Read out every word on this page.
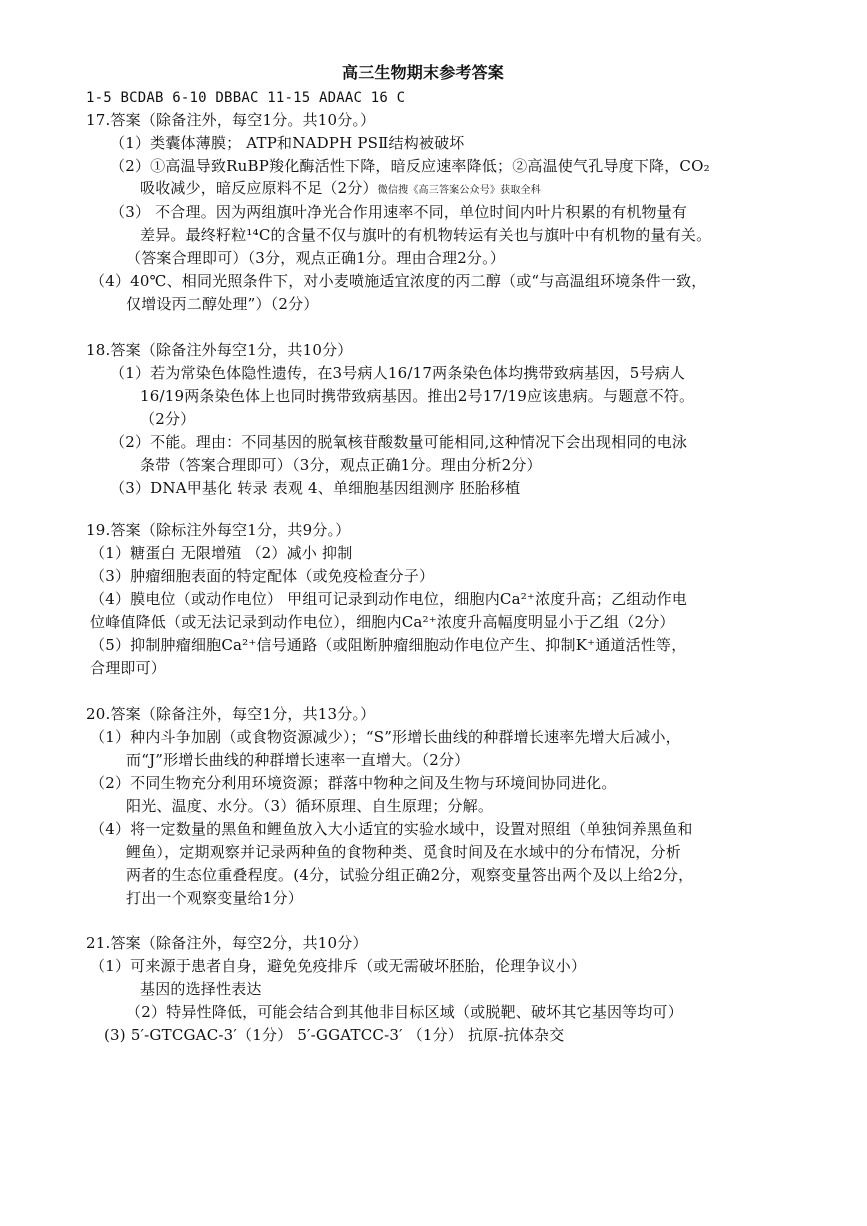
高三生物期末参考答案
1-5 BCDAB 6-10 DBBAC 11-15 ADAAC 16 C
17.答案（除备注外，每空1分。共10分。）
（1）类囊体薄膜； ATP和NADPH PSⅡ结构被破坏
（2）①高温导致RuBP羧化酶活性下降，暗反应速率降低；②高温使气孔导度下降，CO₂
吸收减少，暗反应原料不足（2分）微信搜《高三答案公众号》获取全科
（3） 不合理。因为两组旗叶净光合作用速率不同，单位时间内叶片积累的有机物量有
差异。最终籽粒¹⁴C的含量不仅与旗叶的有机物转运有关也与旗叶中有机物的量有关。
（答案合理即可）（3分，观点正确1分。理由合理2分。）
（4）40℃、相同光照条件下，对小麦喷施适宜浓度的丙二醇（或“与高温组环境条件一致，
仅增设丙二醇处理”）（2分）
18.答案（除备注外每空1分，共10分）
（1）若为常染色体隐性遗传，在3号病人16/17两条染色体均携带致病基因，5号病人
16/19两条染色体上也同时携带致病基因。推出2号17/19应该患病。与题意不符。
（2分）
（2）不能。理由：不同基因的脱氧核苷酸数量可能相同,这种情况下会出现相同的电泳
条带（答案合理即可）（3分，观点正确1分。理由分析2分）
（3）DNA甲基化 转录 表观 4、单细胞基因组测序 胚胎移植
19.答案（除标注外每空1分，共9分。）
（1）糖蛋白 无限增殖 （2）减小 抑制
（3）肿瘤细胞表面的特定配体（或免疫检查分子）
（4）膜电位（或动作电位） 甲组可记录到动作电位，细胞内Ca²⁺浓度升高；乙组动作电
位峰值降低（或无法记录到动作电位），细胞内Ca²⁺浓度升高幅度明显小于乙组（2分）
（5）抑制肿瘤细胞Ca²⁺信号通路（或阻断肿瘤细胞动作电位产生、抑制K⁺通道活性等，
合理即可）
20.答案（除备注外，每空1分，共13分。）
（1）种内斗争加剧（或食物资源减少）；“S”形增长曲线的种群增长速率先增大后减小，
而“J”形增长曲线的种群增长速率一直增大。（2分）
（2）不同生物充分利用环境资源；群落中物种之间及生物与环境间协同进化。
阳光、温度、水分。（3）循环原理、自生原理；分解。
（4）将一定数量的黑鱼和鲤鱼放入大小适宜的实验水域中，设置对照组（单独饲养黑鱼和
鲤鱼），定期观察并记录两种鱼的食物种类、觅食时间及在水域中的分布情况，分析
两者的生态位重叠程度。(4分，试验分组正确2分，观察变量答出两个及以上给2分，
打出一个观察变量给1分）
21.答案（除备注外，每空2分，共10分）
（1）可来源于患者自身，避免免疫排斥（或无需破坏胚胎，伦理争议小）
基因的选择性表达
（2）特异性降低，可能会结合到其他非目标区域（或脱靶、破坏其它基因等均可）
(3) 5′-GTCGAC-3′（1分） 5′-GGATCC-3′ （1分） 抗原-抗体杂交
